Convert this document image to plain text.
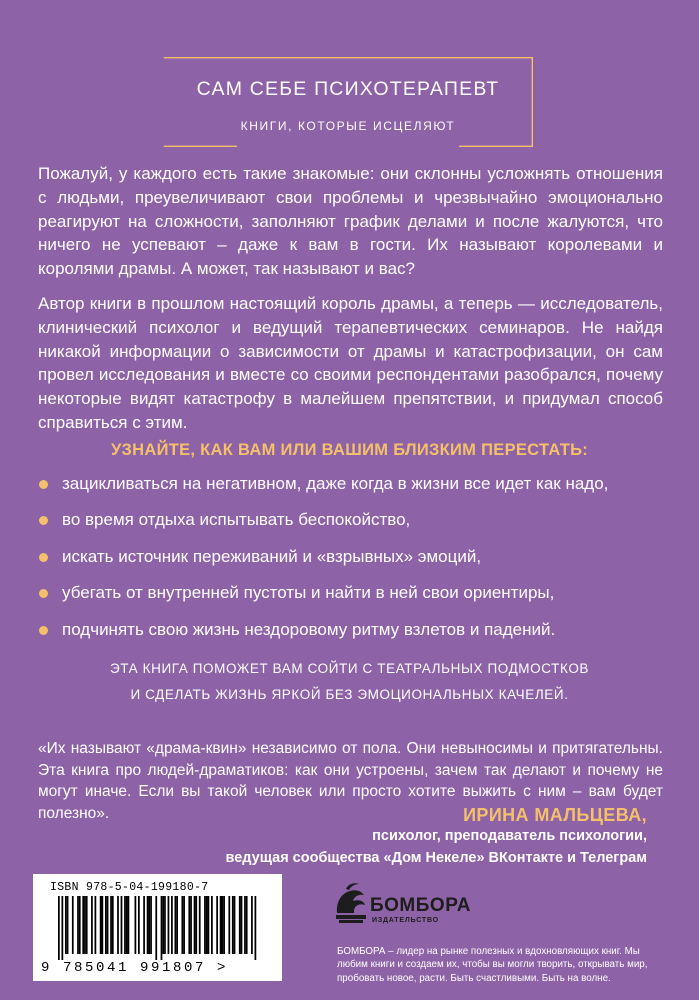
САМ СЕБЕ ПСИХОТЕРАПЕВТ
КНИГИ, КОТОРЫЕ ИСЦЕЛЯЮТ
Пожалуй, у каждого есть такие знакомые: они склонны усложнять отношения с людьми, преувеличивают свои проблемы и чрезвычайно эмоционально реагируют на сложности, заполняют график делами и после жалуются, что ничего не успевают – даже к вам в гости. Их называют королевами и королями драмы. А может, так называют и вас?
Автор книги в прошлом настоящий король драмы, а теперь — исследователь, клинический психолог и ведущий терапевтических семинаров. Не найдя никакой информации о зависимости от драмы и катастрофизации, он сам провел исследования и вместе со своими респондентами разобрался, почему некоторые видят катастрофу в малейшем препятствии, и придумал способ справиться с этим.
УЗНАЙТЕ, КАК ВАМ ИЛИ ВАШИМ БЛИЗКИМ ПЕРЕСТАТЬ:
зацикливаться на негативном, даже когда в жизни все идет как надо,
во время отдыха испытывать беспокойство,
искать источник переживаний и «взрывных» эмоций,
убегать от внутренней пустоты и найти в ней свои ориентиры,
подчинять свою жизнь нездоровому ритму взлетов и падений.
ЭТА КНИГА ПОМОЖЕТ ВАМ СОЙТИ С ТЕАТРАЛЬНЫХ ПОДМОСТКОВ
И СДЕЛАТЬ ЖИЗНЬ ЯРКОЙ БЕЗ ЭМОЦИОНАЛЬНЫХ КАЧЕЛЕЙ.
«Их называют «драма-квин» независимо от пола. Они невыносимы и притягательны. Эта книга про людей-драматиков: как они устроены, зачем так делают и почему не могут иначе. Если вы такой человек или просто хотите выжить с ним – вам будет полезно».	ИРИНА МАЛЬЦЕВА,
психолог, преподаватель психологии,
ведущая сообщества «Дом Некеле» ВКонтакте и Телеграм
ISBN 978-5-04-199180-7
9 785041 991807 >
БОМБОРА
ИЗДАТЕЛЬСТВО
БОМБОРА – лидер на рынке полезных и вдохновляющих книг. Мы любим книги и создаем их, чтобы вы могли творить, открывать мир, пробовать новое, расти. Быть счастливыми. Быть на волне.
